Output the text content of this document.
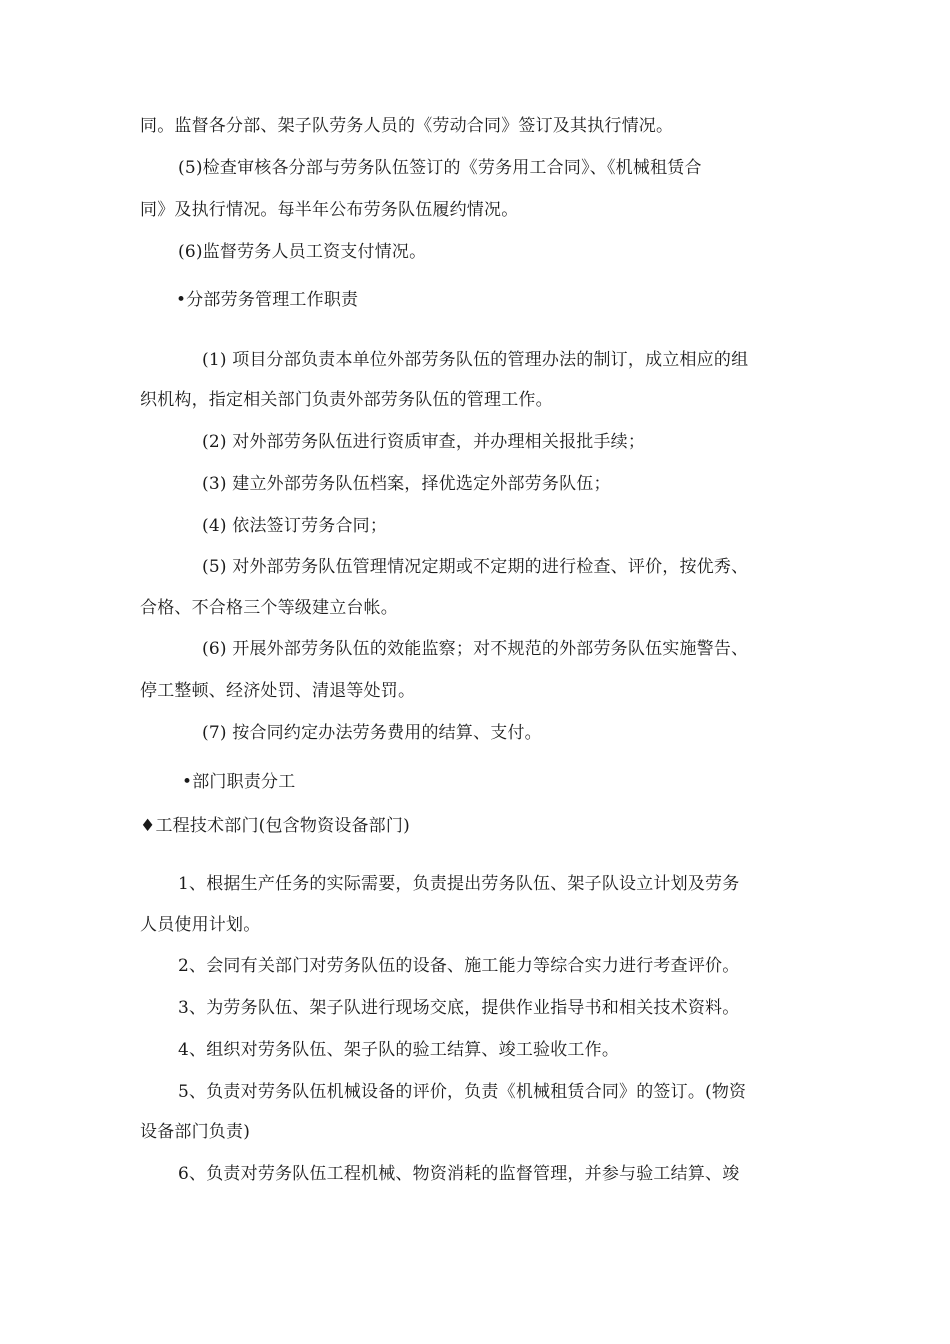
同。监督各分部、架子队劳务人员的《劳动合同》签订及其执行情况。
(5)检查审核各分部与劳务队伍签订的《劳务用工合同》、《机械租赁合
同》及执行情况。每半年公布劳务队伍履约情况。
(6)监督劳务人员工资支付情况。
•分部劳务管理工作职责
(1) 项目分部负责本单位外部劳务队伍的管理办法的制订，成立相应的组
织机构，指定相关部门负责外部劳务队伍的管理工作。
(2) 对外部劳务队伍进行资质审查，并办理相关报批手续；
(3) 建立外部劳务队伍档案，择优选定外部劳务队伍；
(4) 依法签订劳务合同；
(5) 对外部劳务队伍管理情况定期或不定期的进行检查、评价，按优秀、
合格、不合格三个等级建立台帐。
(6) 开展外部劳务队伍的效能监察；对不规范的外部劳务队伍实施警告、
停工整顿、经济处罚、清退等处罚。
(7) 按合同约定办法劳务费用的结算、支付。
•部门职责分工
♦工程技术部门(包含物资设备部门)
1、根据生产任务的实际需要，负责提出劳务队伍、架子队设立计划及劳务
人员使用计划。
2、会同有关部门对劳务队伍的设备、施工能力等综合实力进行考查评价。
3、为劳务队伍、架子队进行现场交底，提供作业指导书和相关技术资料。
4、组织对劳务队伍、架子队的验工结算、竣工验收工作。
5、负责对劳务队伍机械设备的评价，负责《机械租赁合同》的签订。(物资
设备部门负责)
6、负责对劳务队伍工程机械、物资消耗的监督管理，并参与验工结算、竣
